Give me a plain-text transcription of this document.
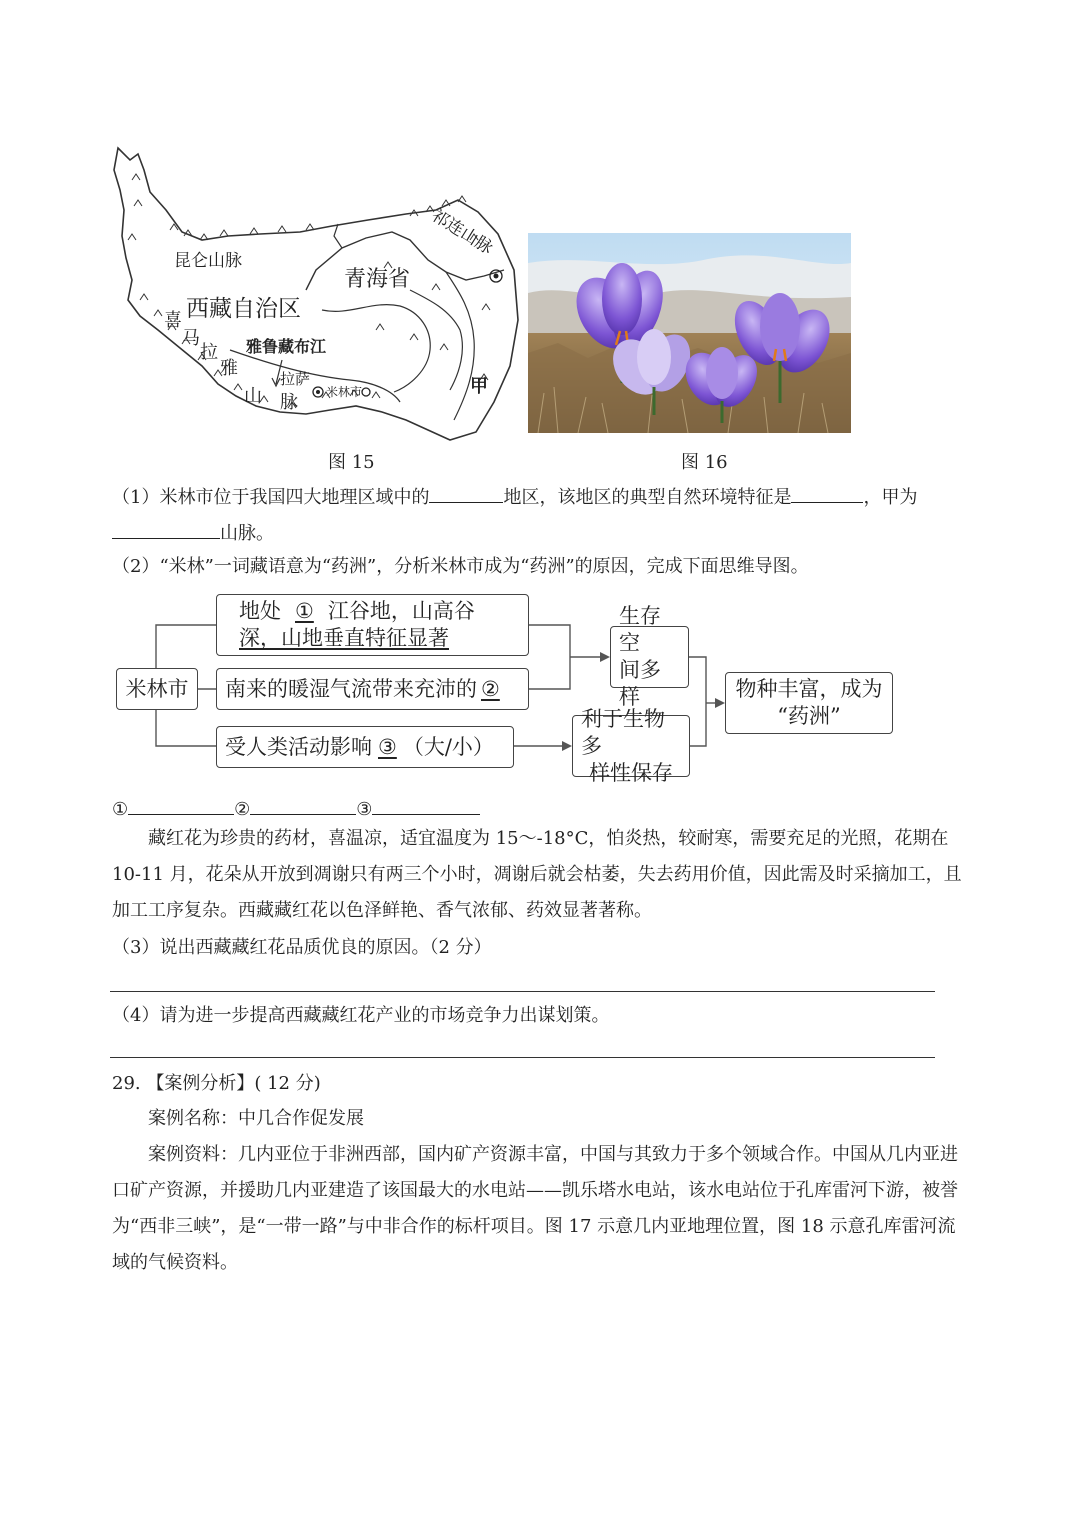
昆仑山脉
祁连山脉
青海省
西藏自治区
喜
马
拉
雅
山 脉
雅鲁藏布江
拉萨
米林市	甲
图 15	图 16
（1）米林市位于我国四大地理区域中的	地区，该地区的典型自然环境特征是	，甲为
山脉。
（2）“米林”一词藏语意为“药洲”，分析米林市成为“药洲”的原因，完成下面思维导图。
米林市
地处 ① 江谷地，山高谷
深，山地垂直特征显著
南来的暖湿气流带来充沛的 ②
受人类活动影响 ③ （大/小）
生存空
间多样
利于生物多
样性保存
物种丰富，成为
“药洲”
①	②	③
藏红花为珍贵的药材，喜温凉，适宜温度为 15～-18°C，怕炎热，较耐寒，需要充足的光照，花期在 10-11 月，花朵从开放到凋谢只有两三个小时，凋谢后就会枯萎，失去药用价值，因此需及时采摘加工，且加工工序复杂。西藏藏红花以色泽鲜艳、香气浓郁、药效显著著称。
（3）说出西藏藏红花品质优良的原因。（2 分）
（4）请为进一步提高西藏藏红花产业的市场竞争力出谋划策。
29. 【案例分析】( 12 分)
案例名称：中几合作促发展
案例资料：几内亚位于非洲西部，国内矿产资源丰富，中国与其致力于多个领域合作。中国从几内亚进口矿产资源，并援助几内亚建造了该国最大的水电站——凯乐塔水电站，该水电站位于孔库雷河下游，被誉为“西非三峡”，是“一带一路”与中非合作的标杆项目。图 17 示意几内亚地理位置，图 18 示意孔库雷河流域的气候资料。
